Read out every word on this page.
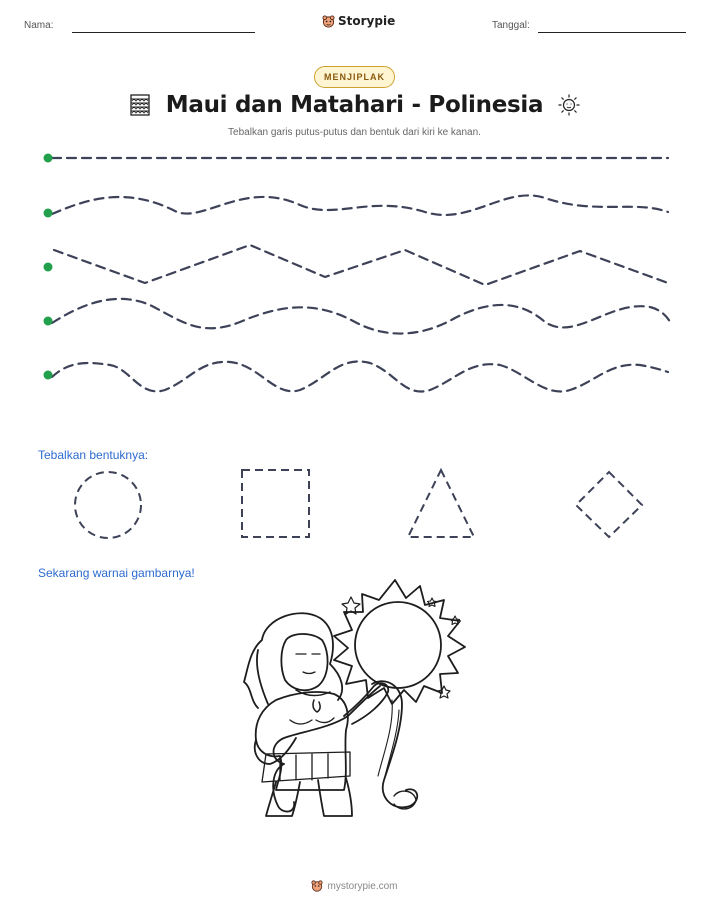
Nama:	Storypie	Tanggal:
MENJIPLAK
Maui dan Matahari - Polinesia

Tebalkan garis putus-putus dan bentuk dari kiri ke kanan.

Tebalkan bentuknya:
Sekarang warnai gambarnya!
mystorypie.com
